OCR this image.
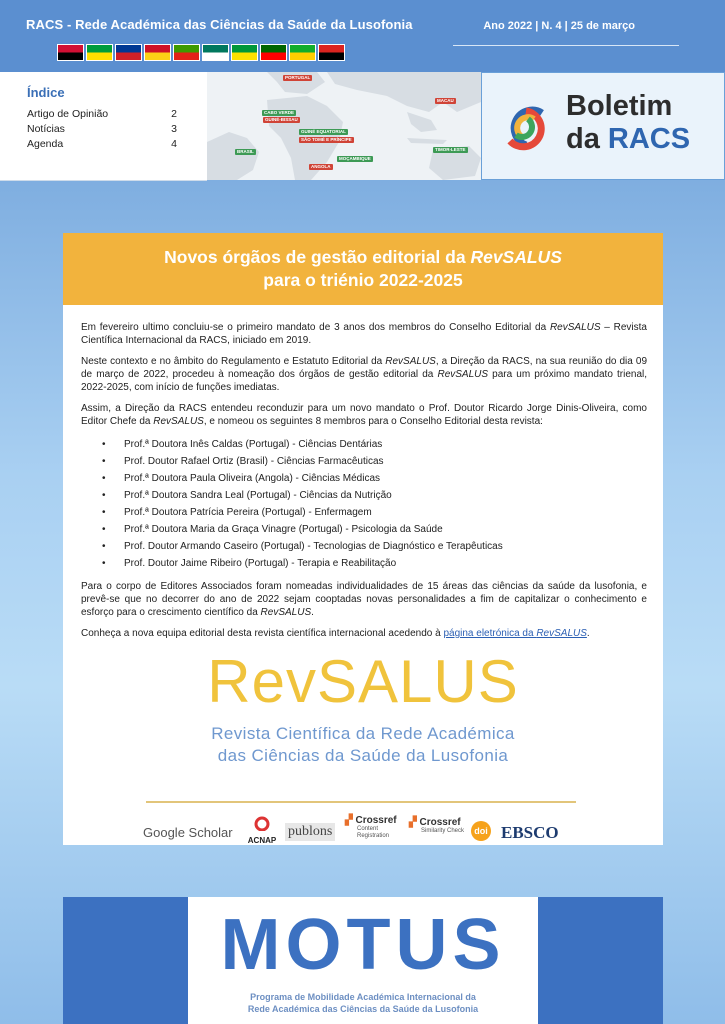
RACS - Rede Académica das Ciências da Saúde da Lusofonia	Ano 2022 | N. 4 | 25 de março
Índice
Artigo de Opinião	2
Notícias	3
Agenda	4
PORTUGAL
CABO VERDE
GUINÉ-BISSAU
GUINÉ EQUATORIAL
SÃO TOMÉ E PRÍNCIPE
BRASIL
ANGOLA
MOÇAMBIQUE
MACAU
TIMOR-LESTE
Boletim
da RACS
Novos órgãos de gestão editorial da RevSALUS
para o triénio 2022-2025

Em fevereiro ultimo concluiu-se o primeiro mandato de 3 anos dos membros do Conselho Editorial da RevSALUS – Revista Científica Internacional da RACS, iniciado em 2019.

Neste contexto e no âmbito do Regulamento e Estatuto Editorial da RevSALUS, a Direção da RACS, na sua reunião do dia 09 de março de 2022, procedeu à nomeação dos órgãos de gestão editorial da RevSALUS para um próximo mandato trienal, 2022-2025, com início de funções imediatas.

Assim, a Direção da RACS entendeu reconduzir para um novo mandato o Prof. Doutor Ricardo Jorge Dinis-Oliveira, como Editor Chefe da RevSALUS, e nomeou os seguintes 8 membros para o Conselho Editorial desta revista:

• Prof.ª Doutora Inês Caldas (Portugal) - Ciências Dentárias
• Prof. Doutor Rafael Ortiz (Brasil) - Ciências Farmacêuticas
• Prof.ª Doutora Paula Oliveira (Angola) - Ciências Médicas
• Prof.ª Doutora Sandra Leal (Portugal) - Ciências da Nutrição
• Prof.ª Doutora Patrícia Pereira (Portugal) - Enfermagem
• Prof.ª Doutora Maria da Graça Vinagre (Portugal) - Psicologia da Saúde
• Prof. Doutor Armando Caseiro (Portugal) - Tecnologias de Diagnóstico e Terapêuticas
• Prof. Doutor Jaime Ribeiro (Portugal) - Terapia e Reabilitação

Para o corpo de Editores Associados foram nomeadas individualidades de 15 áreas das ciências da saúde da lusofonia, e prevê-se que no decorrer do ano de 2022 sejam cooptadas novas personalidades a fim de capitalizar o conhecimento e esforço para o crescimento científico da RevSALUS.

Conheça a nova equipa editorial desta revista científica internacional acedendo à página eletrónica da RevSALUS.

RevSALUS
Revista Científica da Rede Académica
das Ciências da Saúde da Lusofonia
Google Scholar
ACNAP
publons
▞ Crossref
Content
Registration
▞ Crossref
Similarity Check	doi EBSCO
MOTUS
Programa de Mobilidade Académica Internacional da
Rede Académica das Ciências da Saúde da Lusofonia
